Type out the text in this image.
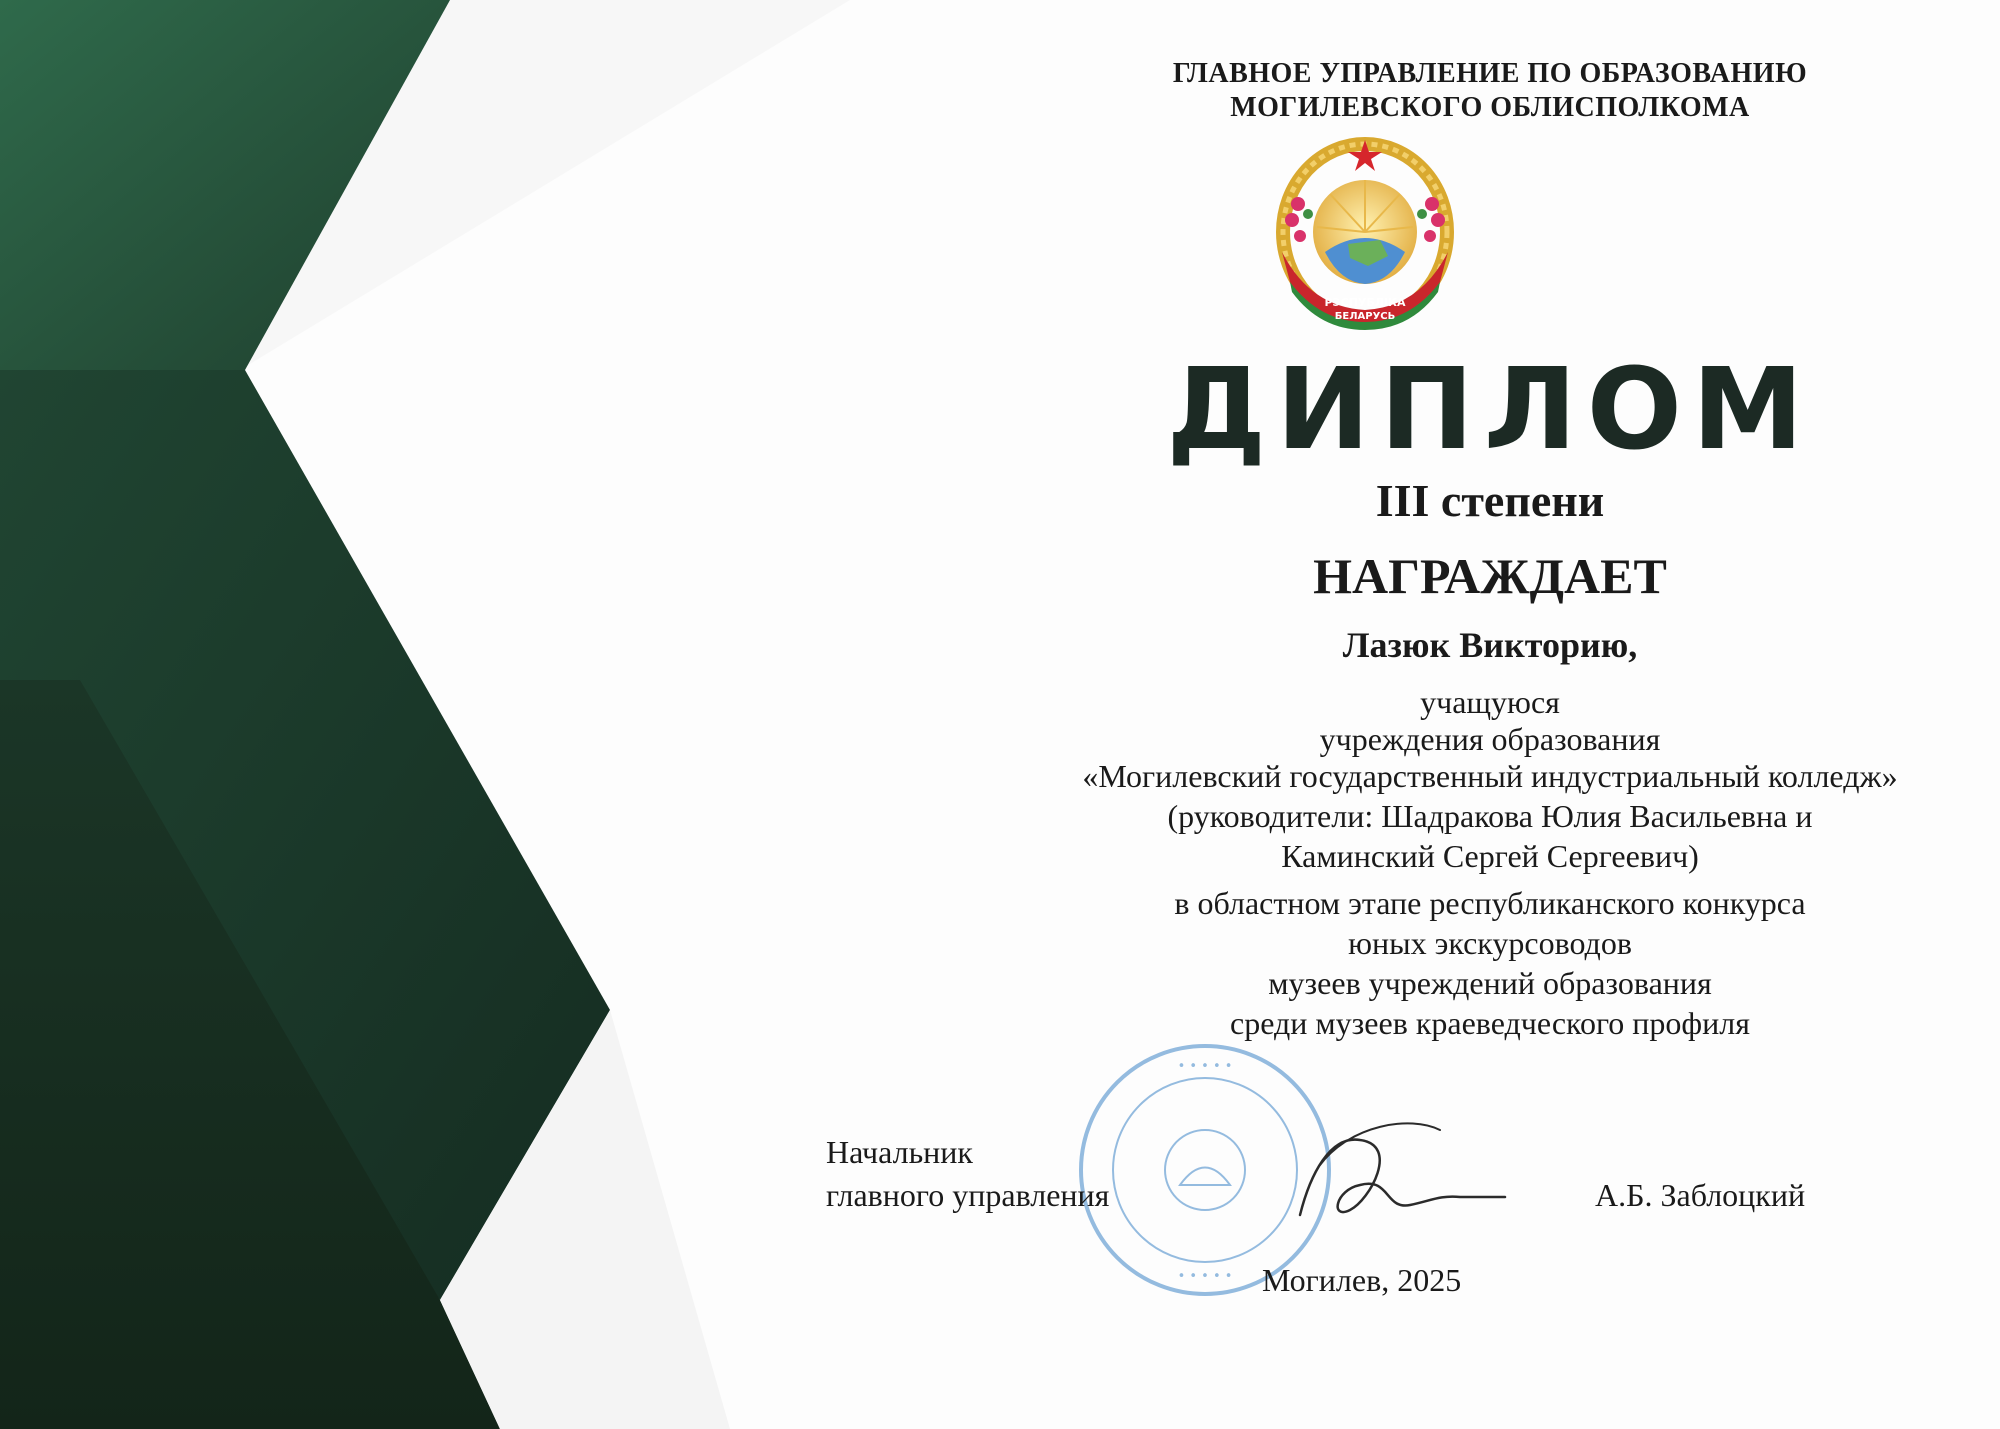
ГЛАВНОЕ УПРАВЛЕНИЕ ПО ОБРАЗОВАНИЮ
МОГИЛЕВСКОГО ОБЛИСПОЛКОМА
РЭСПУБЛІКА
БЕЛАРУСЬ
ДИПЛОМ
III степени
НАГРАЖДАЕТ
Лазюк Викторию,
учащуюся
учреждения образования
«Могилевский государственный индустриальный колледж»
(руководители: Шадракова Юлия Васильевна и
Каминский Сергей Сергеевич)
в областном этапе республиканского конкурса
юных экскурсоводов
музеев учреждений образования
среди музеев краеведческого профиля
• • • • •
• • • • •
Начальник
главного управления	А.Б. Заблоцкий
Могилев, 2025
